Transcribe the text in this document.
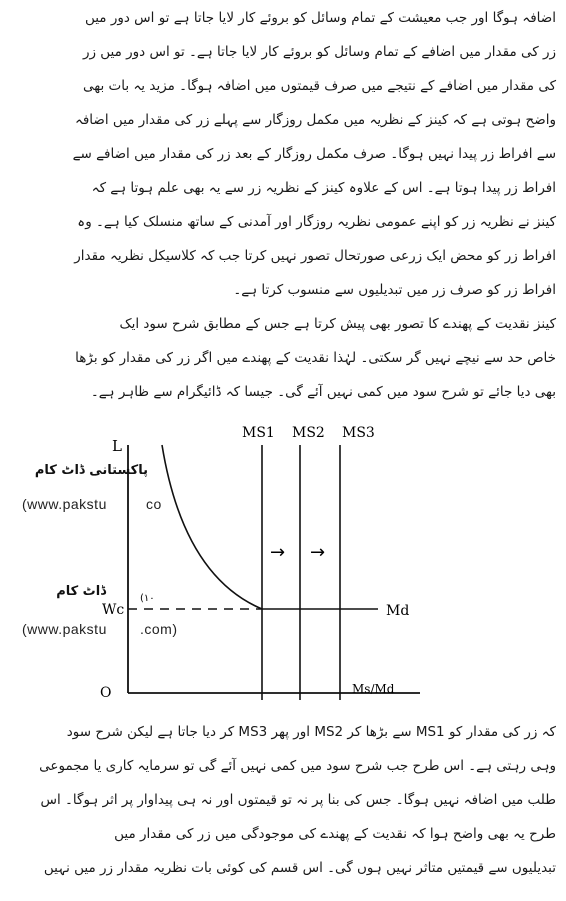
اضافہ ہوگا اور جب معیشت کے تمام وسائل کو بروئے کار لایا جاتا ہے تو اس دور میں
زر کی مقدار میں اضافے کے تمام وسائل کو بروئے کار لایا جاتا ہے۔ تو اس دور میں زر
کی مقدار میں اضافے کے نتیجے میں صرف قیمتوں میں اضافہ ہوگا۔ مزید یہ بات بھی
واضح ہوتی ہے کہ کینز کے نظریہ میں مکمل روزگار سے پہلے زر کی مقدار میں اضافہ
سے افراط زر پیدا نہیں ہوگا۔ صرف مکمل روزگار کے بعد زر کی مقدار میں اضافے سے
افراط زر پیدا ہوتا ہے۔ اس کے علاوہ کینز کے نظریہ زر سے یہ بھی علم ہوتا ہے کہ
کینز نے نظریہ زر کو اپنے عمومی نظریہ روزگار اور آمدنی کے ساتھ منسلک کیا ہے۔ وہ
افراط زر کو محض ایک زرعی صورتحال تصور نہیں کرتا جب کہ کلاسیکل نظریہ مقدار
افراط زر کو صرف زر میں تبدیلیوں سے منسوب کرتا ہے۔
کینز نقدیت کے پھندے کا تصور بھی پیش کرتا ہے جس کے مطابق شرح سود ایک
خاص حد سے نیچے نہیں گر سکتی۔ لہٰذا نقدیت کے پھندے میں اگر زر کی مقدار کو بڑھا
بھی دیا جائے تو شرح سود میں کمی نہیں آئے گی۔ جیسا کہ ڈائیگرام سے ظاہر ہے۔
L
O	Ms/Md
Md
Wc
(١٠
MS1 MS2 MS3
→ →
پاکستانی ڈاٹ کام
(www.pakstu	co
ڈاٹ کام
(www.pakstu .com)
کہ زر کی مقدار کو MS1 سے بڑھا کر MS2 اور پھر MS3 کر دیا جاتا ہے لیکن شرح سود
وہی رہتی ہے۔ اس طرح جب شرح سود میں کمی نہیں آئے گی تو سرمایہ کاری یا مجموعی
طلب میں اضافہ نہیں ہوگا۔ جس کی بنا پر نہ تو قیمتوں اور نہ ہی پیداوار پر اثر ہوگا۔ اس
طرح یہ بھی واضح ہوا کہ نقدیت کے پھندے کی موجودگی میں زر کی مقدار میں
تبدیلیوں سے قیمتیں متاثر نہیں ہوں گی۔ اس قسم کی کوئی بات نظریہ مقدار زر میں نہیں
